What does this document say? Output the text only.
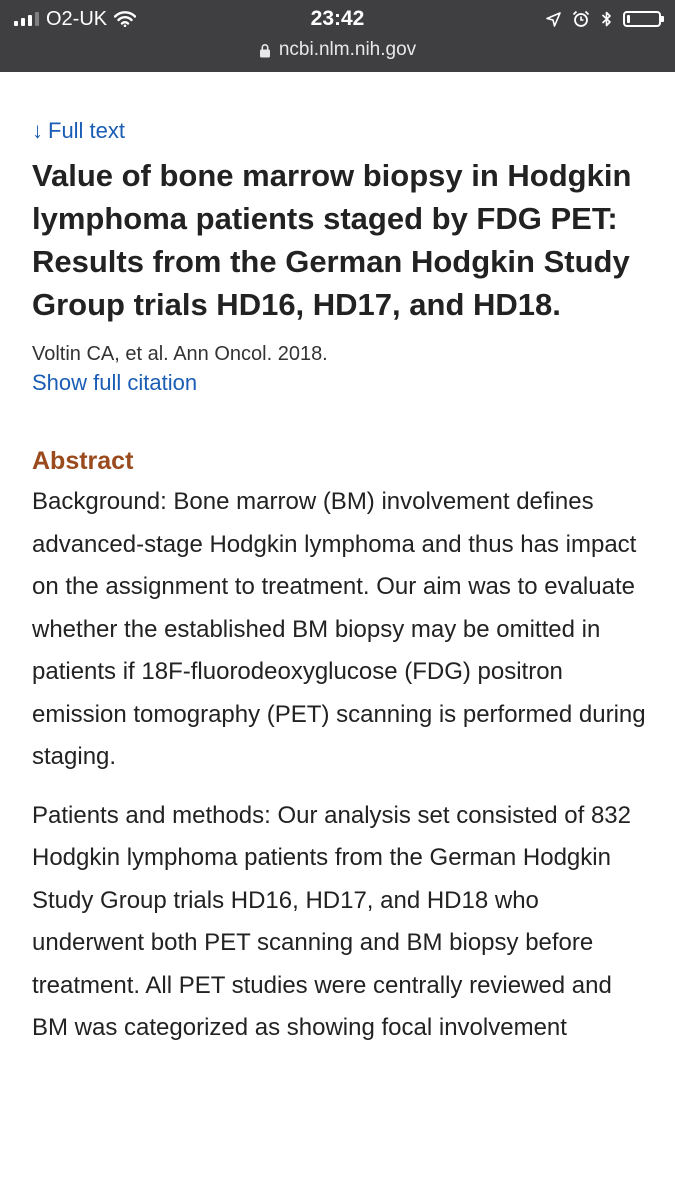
O2-UK	23:42
ncbi.nlm.nih.gov
↓ Full text
Value of bone marrow biopsy in Hodgkin lymphoma patients staged by FDG PET: Results from the German Hodgkin Study Group trials HD16, HD17, and HD18.
Voltin CA, et al. Ann Oncol. 2018.
Show full citation
Abstract

Background: Bone marrow (BM) involvement defines advanced-stage Hodgkin lymphoma and thus has impact on the assignment to treatment. Our aim was to evaluate whether the established BM biopsy may be omitted in patients if 18F-fluorodeoxyglucose (FDG) positron emission tomography (PET) scanning is performed during staging.

Patients and methods: Our analysis set consisted of 832 Hodgkin lymphoma patients from the German Hodgkin Study Group trials HD16, HD17, and HD18 who underwent both PET scanning and BM biopsy before treatment. All PET studies were centrally reviewed and BM was categorized as showing focal involvement
